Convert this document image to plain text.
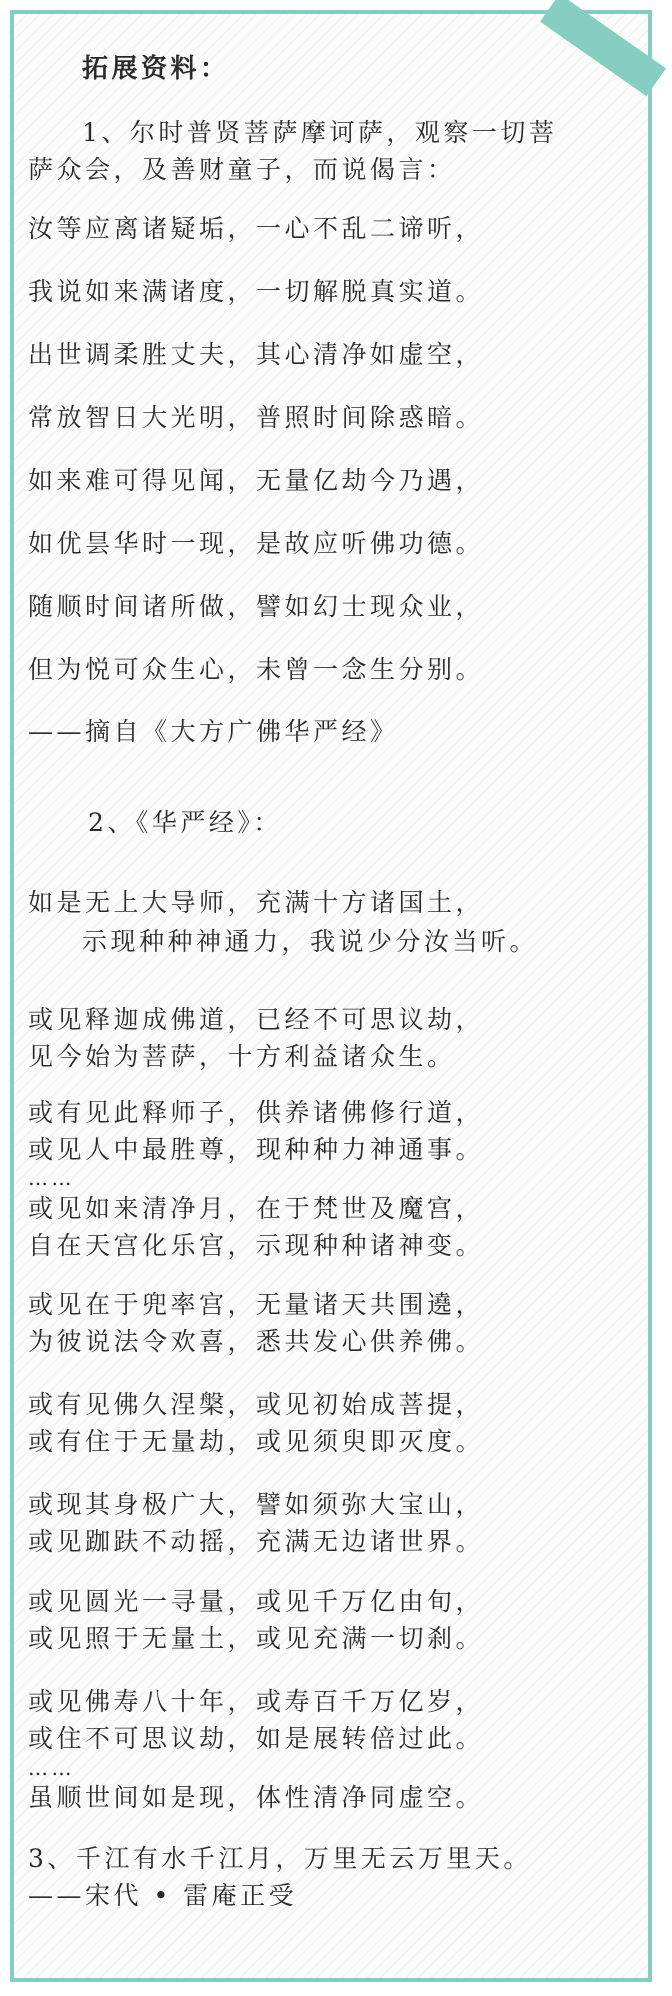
拓展资料：
1、尔时普贤菩萨摩诃萨，观察一切菩
萨众会，及善财童子，而说偈言：
汝等应离诸疑垢，一心不乱二谛听，
我说如来满诸度，一切解脱真实道。
出世调柔胜丈夫，其心清净如虚空，
常放智日大光明，普照时间除惑暗。
如来难可得见闻，无量亿劫今乃遇，
如优昙华时一现，是故应听佛功德。
随顺时间诸所做，譬如幻士现众业，
但为悦可众生心，未曾一念生分别。
——摘自《大方广佛华严经》
2、《华严经》：
如是无上大导师，充满十方诸国土，
示现种种神通力，我说少分汝当听。
或见释迦成佛道，已经不可思议劫，
见今始为菩萨，十方利益诸众生。
或有见此释师子，供养诸佛修行道，
或见人中最胜尊，现种种力神通事。
……
或见如来清净月，在于梵世及魔宫，
自在天宫化乐宫，示现种种诸神变。
或见在于兜率宫，无量诸天共围遶，
为彼说法令欢喜，悉共发心供养佛。
或有见佛久涅槃，或见初始成菩提，
或有住于无量劫，或见须臾即灭度。
或现其身极广大，譬如须弥大宝山，
或见跏趺不动摇，充满无边诸世界。
或见圆光一寻量，或见千万亿由旬，
或见照于无量土，或见充满一切刹。
或见佛寿八十年，或寿百千万亿岁，
或住不可思议劫，如是展转倍过此。
……
虽顺世间如是现，体性清净同虚空。
3、千江有水千江月，万里无云万里天。
——宋代 • 雷庵正受
